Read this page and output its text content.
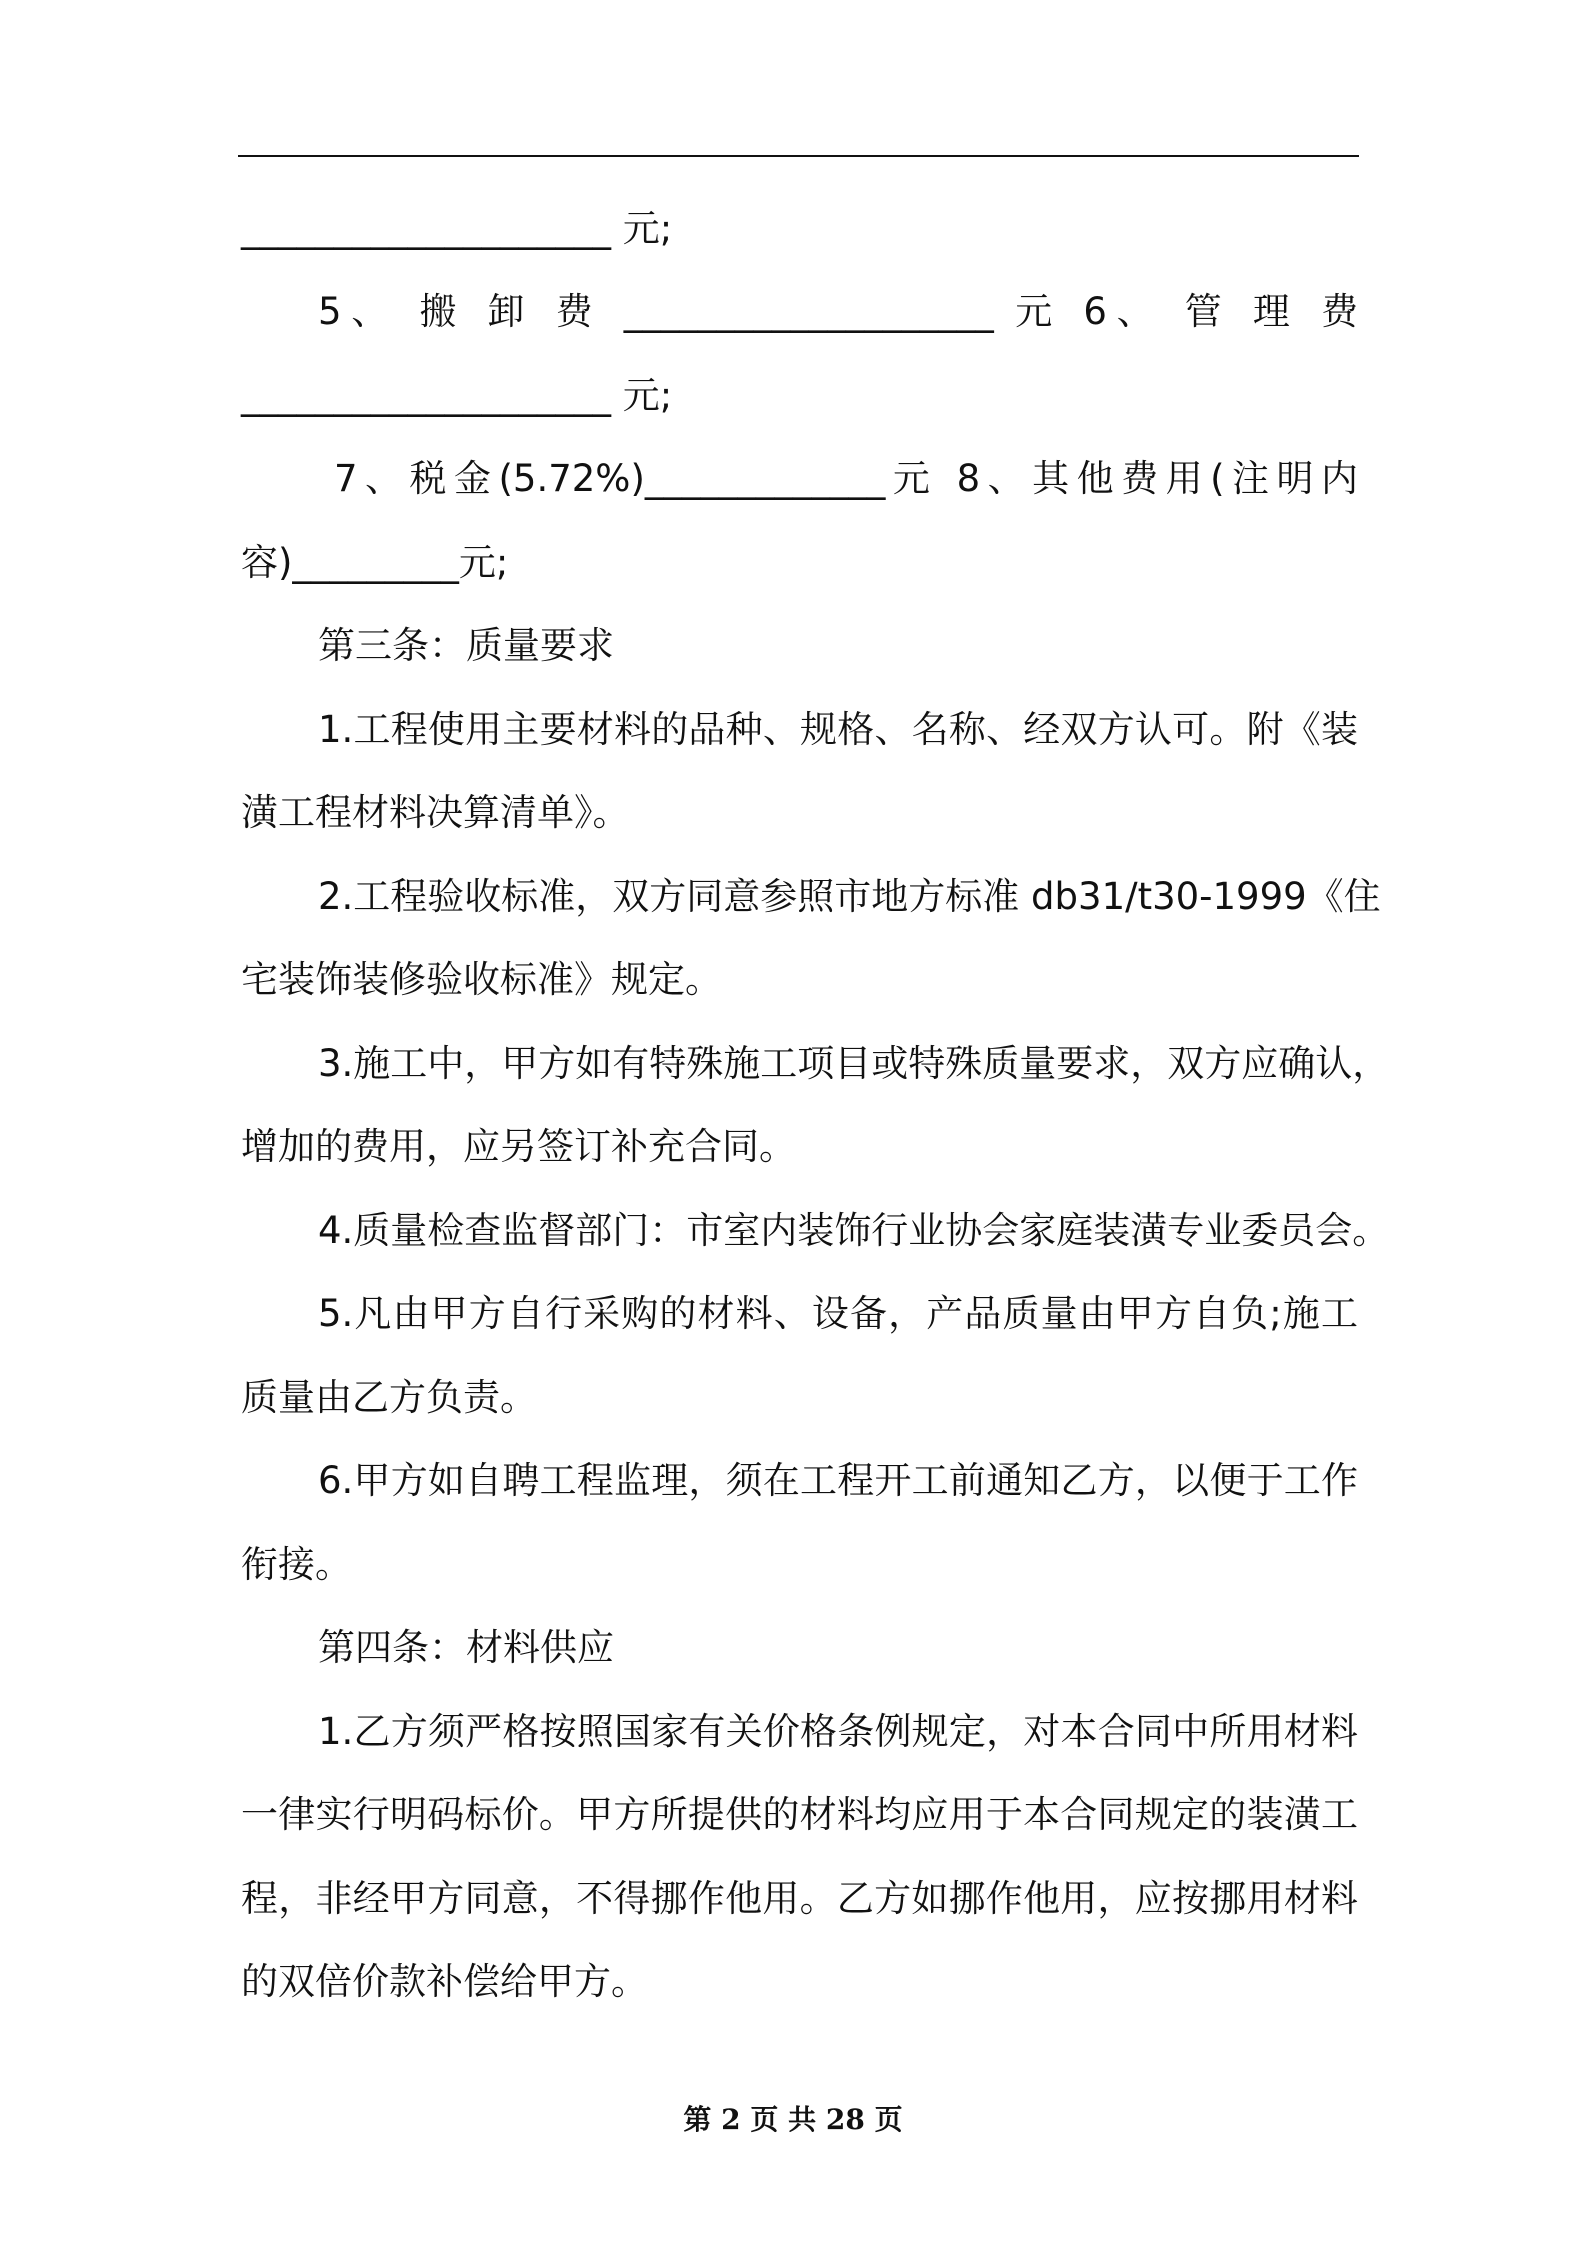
____________________ 元;
5、 搬 卸 费 ____________________ 元 6、 管 理 费
____________________ 元;
7、税金(5.72%)_____________元 8、其他费用(注明内
容)_________元;
第三条：质量要求
1.工程使用主要材料的品种、规格、名称、经双方认可。附《装
潢工程材料决算清单》。
2.工程验收标准，双方同意参照市地方标准 db31/t30-1999《住
宅装饰装修验收标准》规定。
3.施工中，甲方如有特殊施工项目或特殊质量要求，双方应确认，
增加的费用，应另签订补充合同。
4.质量检查监督部门：市室内装饰行业协会家庭装潢专业委员会。
5.凡由甲方自行采购的材料、设备，产品质量由甲方自负;施工
质量由乙方负责。
6.甲方如自聘工程监理，须在工程开工前通知乙方，以便于工作
衔接。
第四条：材料供应
1.乙方须严格按照国家有关价格条例规定，对本合同中所用材料
一律实行明码标价。甲方所提供的材料均应用于本合同规定的装潢工
程，非经甲方同意，不得挪作他用。乙方如挪作他用，应按挪用材料
的双倍价款补偿给甲方。
第 2 页 共 28 页
